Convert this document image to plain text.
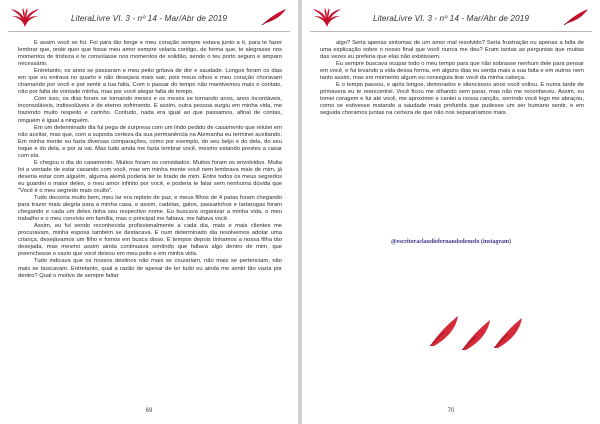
LiteraLivre VI. 3 - nº 14 - Mar/Abr de 2019

E assim você se foi. Foi para tão longe e meu coração sempre estava junto a ti, para te fazer lembrar que, onde quer que fosse meu amor sempre velaria contigo, de forma que, te alegrasse nos momentos de tristeza e te consolasse nos momentos de solidão, sendo o teu porto seguro e amparo necessário.

Entretanto, os anos se passaram e meu peito gritava de dor e saudade. Longos foram os dias em que eu entrava no quarto e não desejava mais sair, pois meus olhos e meu coração choravam chamando por você e por sentir a tua falta. Com o passar do tempo não mantivemos mais o contato, não por falta de vontade minha, mas por você alegar falta de tempo.

Com isso, os dias foram se tornando meses e os meses se tornando anos, anos incontáveis, inconsoláveis, indissolúveis e de eterno sofrimento. E assim, outra pessoa surgiu em minha vida, me trazendo muito respeito e carinho. Contudo, nada era igual ao que passamos, afinal de contas, ninguém é igual a ninguém.

Em um determinado dia fui pega de surpresa com um lindo pedido de casamento que relutei em não aceitar, mas que, com a suposta certeza da sua permanência na Alemanha eu terminei aceitando. Em minha mente eu fazia diversas comparações, como por exemplo, do seu beijo e do dela, do seu toque e do dela, e por aí vai. Mas tudo ainda me fazia lembrar você, mesmo estando prestes a casar com ela.

E chegou o dia do casamento. Muitos foram os convidados. Muitos foram os envolvidos. Muita foi a vontade de estar casando com você, mas em minha mente você nem lembrava mais de mim, já deveria estar com alguém, alguma alemã poderia ter te tirado de mim. Entre todos os meus segredos eu guardei o maior deles, o meu amor infinito por você, e poderia te falar sem nenhuma dúvida que "Você é o meu segredo mais oculto".

Tudo decorria muito bem, meu lar era repleto de paz, e meus filhos de 4 patas foram chegando para trazer mais alegria para a minha casa, e assim, cadelas, gatos, passarinhos e tartarugas foram chegando e cada um deles tinha seu respectivo nome. Eu buscava organizar a minha vida, o meu trabalho e o meu convívio em família, mas o principal me faltava, me faltava você.

Assim, eu fui sendo reconhecida profissionalmente a cada dia, mais e mais clientes me procuravam, minha esposa também se destacava. E num determinado dia resolvemos adotar uma criança, desejávamos um filho e fomos em busca disso. E tempos depois tínhamos a nossa filha tão desejada, mas mesmo assim ainda continuava sentindo que faltava algo dentro de mim, que preenchesse o vazio que você deixou em meu peito e em minha vida.

Tudo indicava que os nossos destinos não mais se cruzariam, não mais se pertenciam, não mais se buscavam. Entretanto, qual a razão de apesar de ter tudo eu ainda me sentir tão vazia por dentro? Qual o motivo de sempre faltar

69
LiteraLivre VI. 3 - nº 14 - Mar/Abr de 2019

algo? Seria apenas sintomas de um amor mal resolvido? Seria frustração ou apenas a falta de uma explicação sobre o nosso final que você nunca me deu? Eram tantas as perguntas que muitas das vezes eu preferia que elas não existissem.

Eu sempre buscava ocupar todo o meu tempo para que não sobrasse nenhum dele para pensar em você, e fui levando a vida dessa forma, em alguns dias eu sentia mais a sua falta e em outros nem tanto assim, mas em momento algum eu conseguia tirar você da minha cabeça.

E o tempo passou, e após longos, demorados e silenciosos anos você voltou. E numa tarde de primavera eu te reencontrei. Você ficou me olhando sem parar, mas não me reconheceu. Assim, eu tomei coragem e fui até você, me aproximei e cantei a nossa canção, sorrindo você logo me abraçou, como se estivesse matando a saudade mais profunda que pudesse um ser humano sentir, e em seguida choramos juntas na certeza de que não nos separaríamos mais.

@escritoraclaudiofernandodemelo (instagram)
70
